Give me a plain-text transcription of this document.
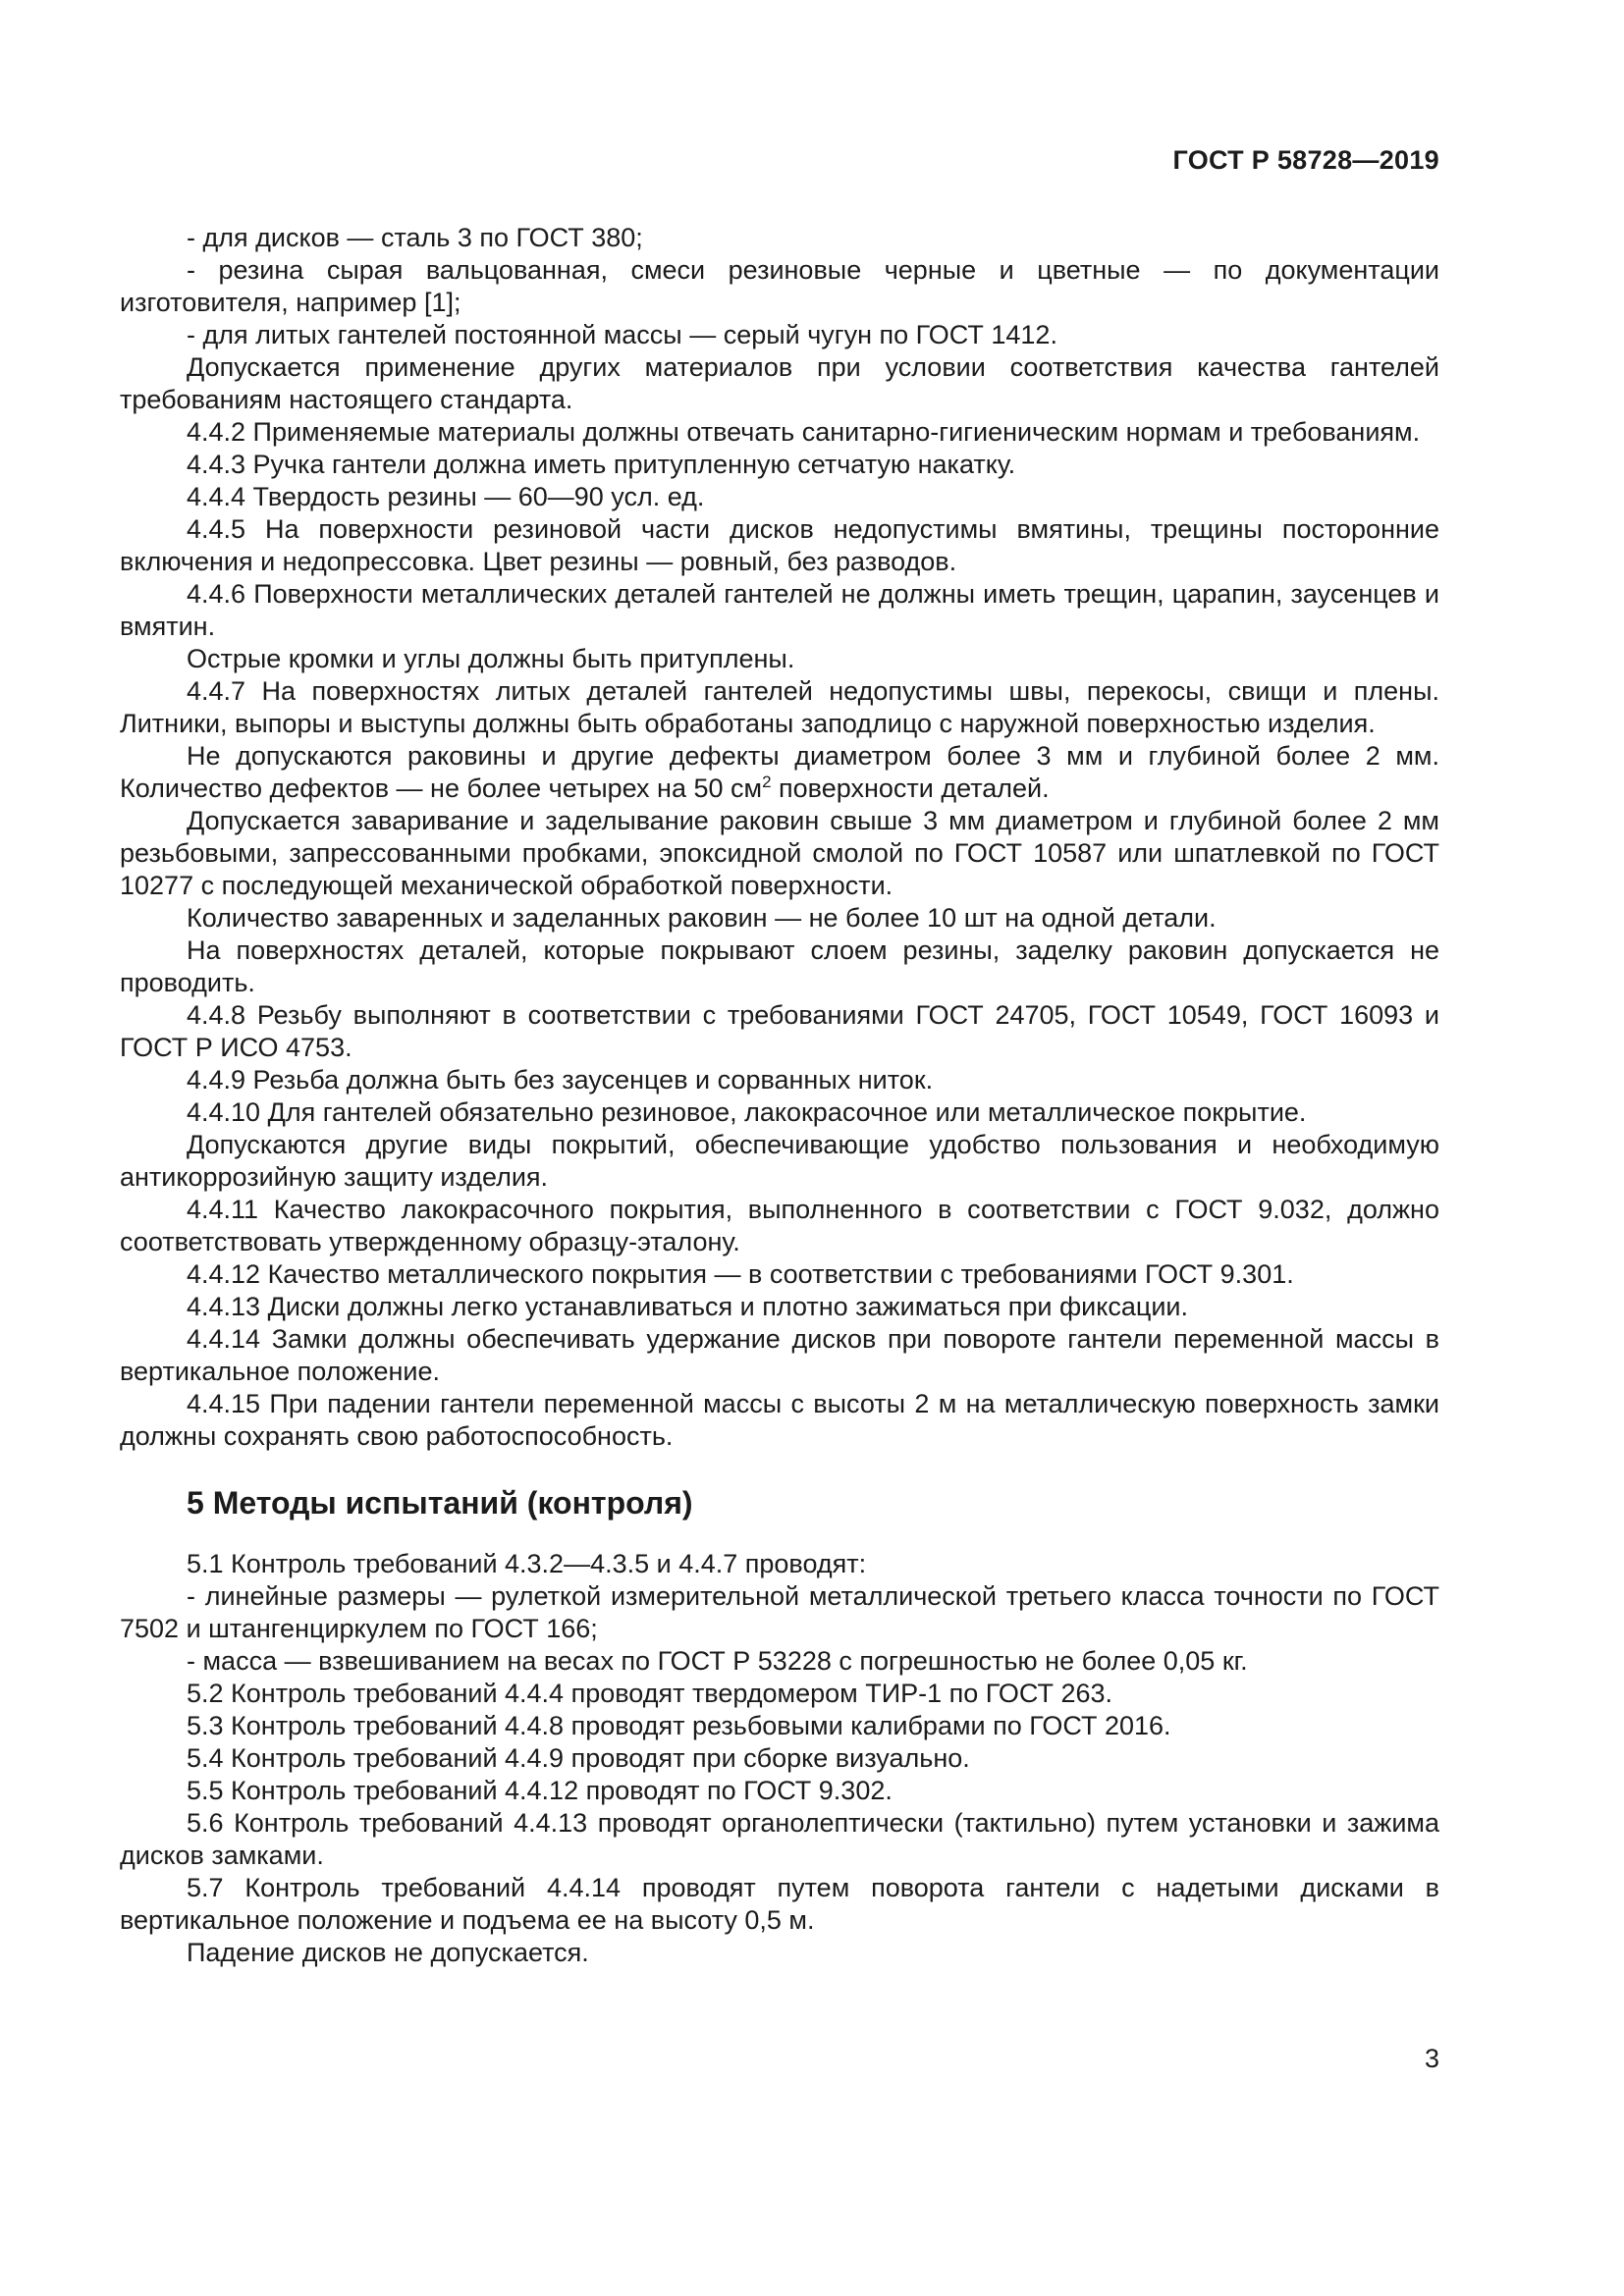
ГОСТ Р 58728—2019

- для дисков — сталь 3 по ГОСТ 380;

- резина сырая вальцованная, смеси резиновые черные и цветные — по документации изготовителя, например [1];

- для литых гантелей постоянной массы — серый чугун по ГОСТ 1412.

Допускается применение других материалов при условии соответствия качества гантелей требованиям настоящего стандарта.

4.4.2 Применяемые материалы должны отвечать санитарно-гигиеническим нормам и требованиям.

4.4.3 Ручка гантели должна иметь притупленную сетчатую накатку.

4.4.4 Твердость резины — 60—90 усл. ед.

4.4.5 На поверхности резиновой части дисков недопустимы вмятины, трещины посторонние включения и недопрессовка. Цвет резины — ровный, без разводов.

4.4.6 Поверхности металлических деталей гантелей не должны иметь трещин, царапин, заусенцев и вмятин.

Острые кромки и углы должны быть притуплены.

4.4.7 На поверхностях литых деталей гантелей недопустимы швы, перекосы, свищи и плены. Литники, выпоры и выступы должны быть обработаны заподлицо с наружной поверхностью изделия.

Не допускаются раковины и другие дефекты диаметром более 3 мм и глубиной более 2 мм. Количество дефектов — не более четырех на 50 $см^2$ поверхности деталей.

Допускается заваривание и заделывание раковин свыше 3 мм диаметром и глубиной более 2 мм резьбовыми, запрессованными пробками, эпоксидной смолой по ГОСТ 10587 или шпатлевкой по ГОСТ 10277 с последующей механической обработкой поверхности.

Количество заваренных и заделанных раковин — не более 10 шт на одной детали.

На поверхностях деталей, которые покрывают слоем резины, заделку раковин допускается не проводить.

4.4.8 Резьбу выполняют в соответствии с требованиями ГОСТ 24705, ГОСТ 10549, ГОСТ 16093 и ГОСТ Р ИСО 4753.

4.4.9 Резьба должна быть без заусенцев и сорванных ниток.

4.4.10 Для гантелей обязательно резиновое, лакокрасочное или металлическое покрытие.

Допускаются другие виды покрытий, обеспечивающие удобство пользования и необходимую антикоррозийную защиту изделия.

4.4.11 Качество лакокрасочного покрытия, выполненного в соответствии с ГОСТ 9.032, должно соответствовать утвержденному образцу-эталону.

4.4.12 Качество металлического покрытия — в соответствии с требованиями ГОСТ 9.301.

4.4.13 Диски должны легко устанавливаться и плотно зажиматься при фиксации.

4.4.14 Замки должны обеспечивать удержание дисков при повороте гантели переменной массы в вертикальное положение.

4.4.15 При падении гантели переменной массы с высоты 2 м на металлическую поверхность замки должны сохранять свою работоспособность.

5 Методы испытаний (контроля)

5.1 Контроль требований 4.3.2—4.3.5 и 4.4.7 проводят:

- линейные размеры — рулеткой измерительной металлической третьего класса точности по ГОСТ 7502 и штангенциркулем по ГОСТ 166;

- масса — взвешиванием на весах по ГОСТ Р 53228 с погрешностью не более 0,05 кг.

5.2 Контроль требований 4.4.4 проводят твердомером ТИР-1 по ГОСТ 263.

5.3 Контроль требований 4.4.8 проводят резьбовыми калибрами по ГОСТ 2016.

5.4 Контроль требований 4.4.9 проводят при сборке визуально.

5.5 Контроль требований 4.4.12 проводят по ГОСТ 9.302.

5.6 Контроль требований 4.4.13 проводят органолептически (тактильно) путем установки и зажима дисков замками.

5.7 Контроль требований 4.4.14 проводят путем поворота гантели с надетыми дисками в вертикальное положение и подъема ее на высоту 0,5 м.

Падение дисков не допускается.

3
